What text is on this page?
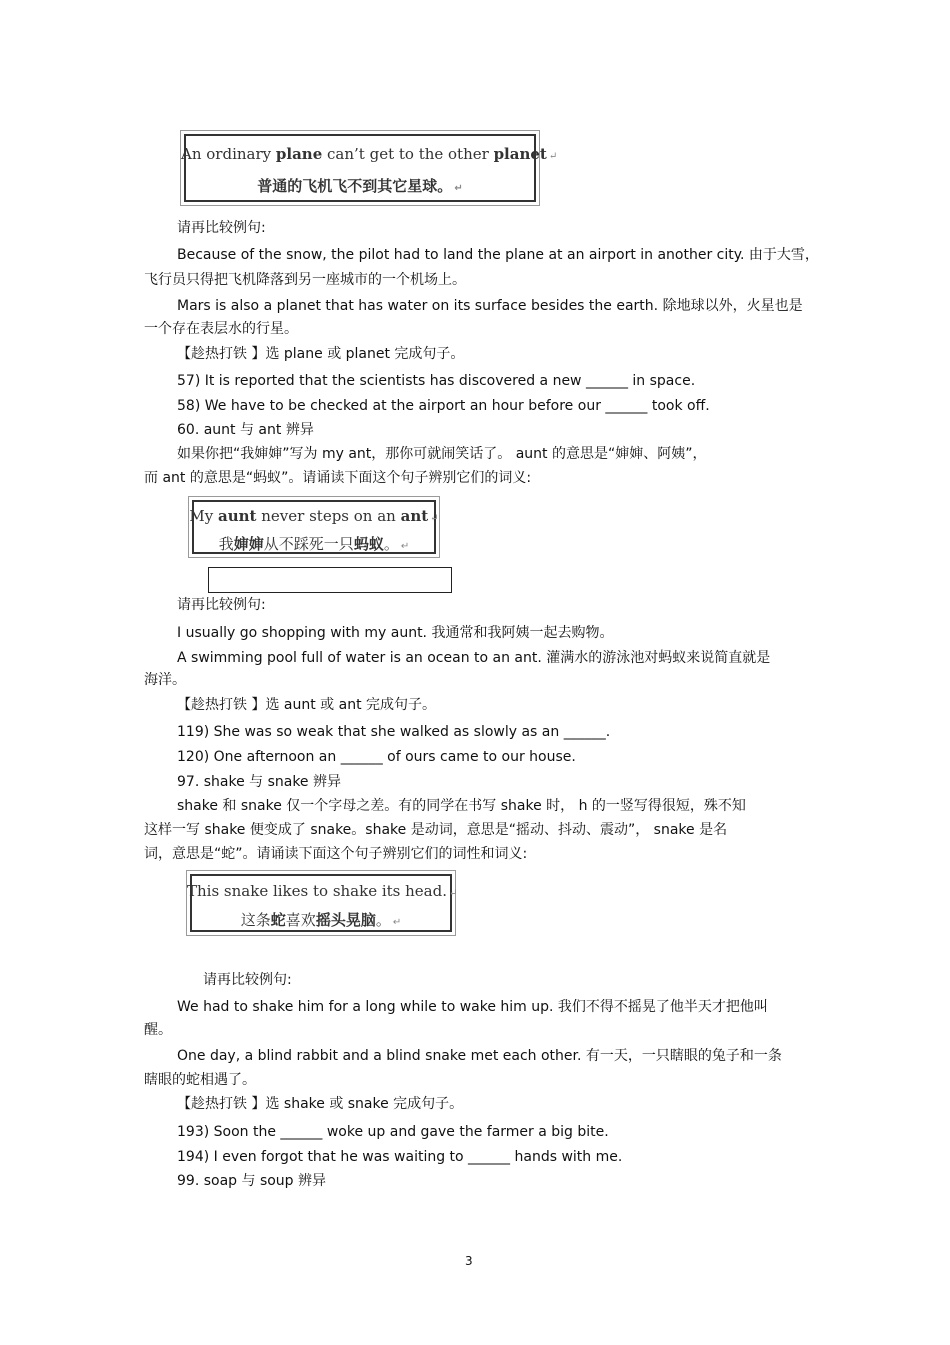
An ordinary plane can’t get to the other planet ↵
普通的飞机飞不到其它星球。 ↵
请再比较例句:
Because of the snow, the pilot had to land the plane at an airport in another city. 由于大雪，
飞行员只得把飞机降落到另一座城市的一个机场上。
Mars is also a planet that has water on its surface besides the earth. 除地球以外，火星也是
一个存在表层水的行星。
【趁热打铁 】选 plane 或 planet 完成句子。
57) It is reported that the scientists has discovered a new ______ in space.
58) We have to be checked at the airport an hour before our ______ took off.
60. aunt 与 ant 辨异
如果你把“我婶婶”写为 my ant，那你可就闹笑话了。 aunt 的意思是“婶婶、阿姨”，
而 ant 的意思是“蚂蚁”。请诵读下面这个句子辨别它们的词义:
My aunt never steps on an ant ↵
我婶婶从不踩死一只蚂蚁。 ↵
请再比较例句:
I usually go shopping with my aunt. 我通常和我阿姨一起去购物。
A swimming pool full of water is an ocean to an ant. 灌满水的游泳池对蚂蚁来说简直就是
海洋。
【趁热打铁 】选 aunt 或 ant 完成句子。
119) She was so weak that she walked as slowly as an ______.
120) One afternoon an ______ of ours came to our house.
97. shake 与 snake 辨异
shake 和 snake 仅一个字母之差。有的同学在书写 shake 时， h 的一竖写得很短，殊不知
这样一写 shake 便变成了 snake。shake 是动词，意思是“摇动、抖动、震动”， snake 是名
词，意思是“蛇”。请诵读下面这个句子辨别它们的词性和词义:
This snake likes to shake its head. ↵
这条蛇喜欢摇头晃脑。 ↵
请再比较例句:
We had to shake him for a long while to wake him up. 我们不得不摇晃了他半天才把他叫
醒。
One day, a blind rabbit and a blind snake met each other. 有一天，一只瞎眼的兔子和一条
瞎眼的蛇相遇了。
【趁热打铁 】选 shake 或 snake 完成句子。
193) Soon the ______ woke up and gave the farmer a big bite.
194) I even forgot that he was waiting to ______ hands with me.
99. soap 与 soup 辨异
3
